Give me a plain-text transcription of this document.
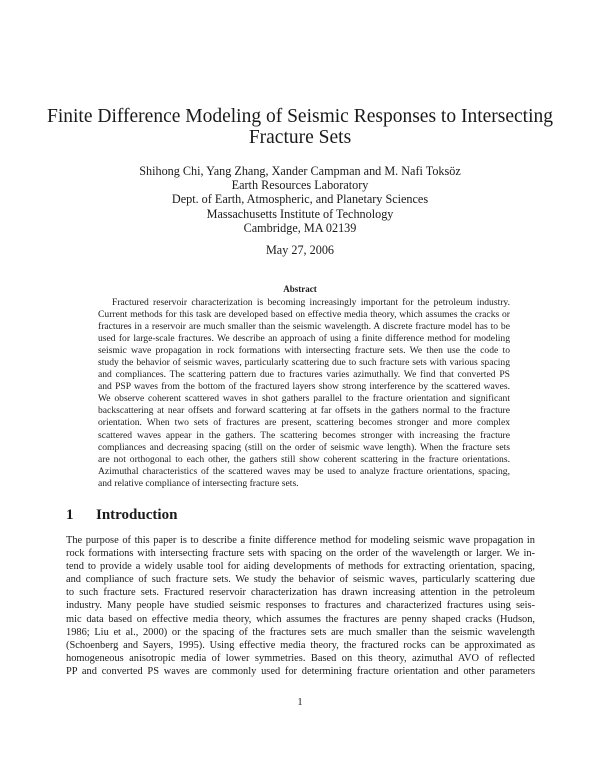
Finite Difference Modeling of Seismic Responses to Intersecting
Fracture Sets
Shihong Chi, Yang Zhang, Xander Campman and M. Nafi Toksöz
Earth Resources Laboratory
Dept. of Earth, Atmospheric, and Planetary Sciences
Massachusetts Institute of Technology
Cambridge, MA 02139
May 27, 2006
Abstract
Fractured reservoir characterization is becoming increasingly important for the petroleum industry.
Current methods for this task are developed based on effective media theory, which assumes the cracks or
fractures in a reservoir are much smaller than the seismic wavelength. A discrete fracture model has to be
used for large-scale fractures. We describe an approach of using a finite difference method for modeling
seismic wave propagation in rock formations with intersecting fracture sets. We then use the code to
study the behavior of seismic waves, particularly scattering due to such fracture sets with various spacing
and compliances. The scattering pattern due to fractures varies azimuthally. We find that converted PS
and PSP waves from the bottom of the fractured layers show strong interference by the scattered waves.
We observe coherent scattered waves in shot gathers parallel to the fracture orientation and significant
backscattering at near offsets and forward scattering at far offsets in the gathers normal to the fracture
orientation. When two sets of fractures are present, scattering becomes stronger and more complex
scattered waves appear in the gathers. The scattering becomes stronger with increasing the fracture
compliances and decreasing spacing (still on the order of seismic wave length). When the fracture sets
are not orthogonal to each other, the gathers still show coherent scattering in the fracture orientations.
Azimuthal characteristics of the scattered waves may be used to analyze fracture orientations, spacing,
and relative compliance of intersecting fracture sets.
1 Introduction
The purpose of this paper is to describe a finite difference method for modeling seismic wave propagation in
rock formations with intersecting fracture sets with spacing on the order of the wavelength or larger. We in-
tend to provide a widely usable tool for aiding developments of methods for extracting orientation, spacing,
and compliance of such fracture sets. We study the behavior of seismic waves, particularly scattering due
to such fracture sets. Fractured reservoir characterization has drawn increasing attention in the petroleum
industry. Many people have studied seismic responses to fractures and characterized fractures using seis-
mic data based on effective media theory, which assumes the fractures are penny shaped cracks (Hudson,
1986; Liu et al., 2000) or the spacing of the fractures sets are much smaller than the seismic wavelength
(Schoenberg and Sayers, 1995). Using effective media theory, the fractured rocks can be approximated as
homogeneous anisotropic media of lower symmetries. Based on this theory, azimuthal AVO of reflected
PP and converted PS waves are commonly used for determining fracture orientation and other parameters
1
